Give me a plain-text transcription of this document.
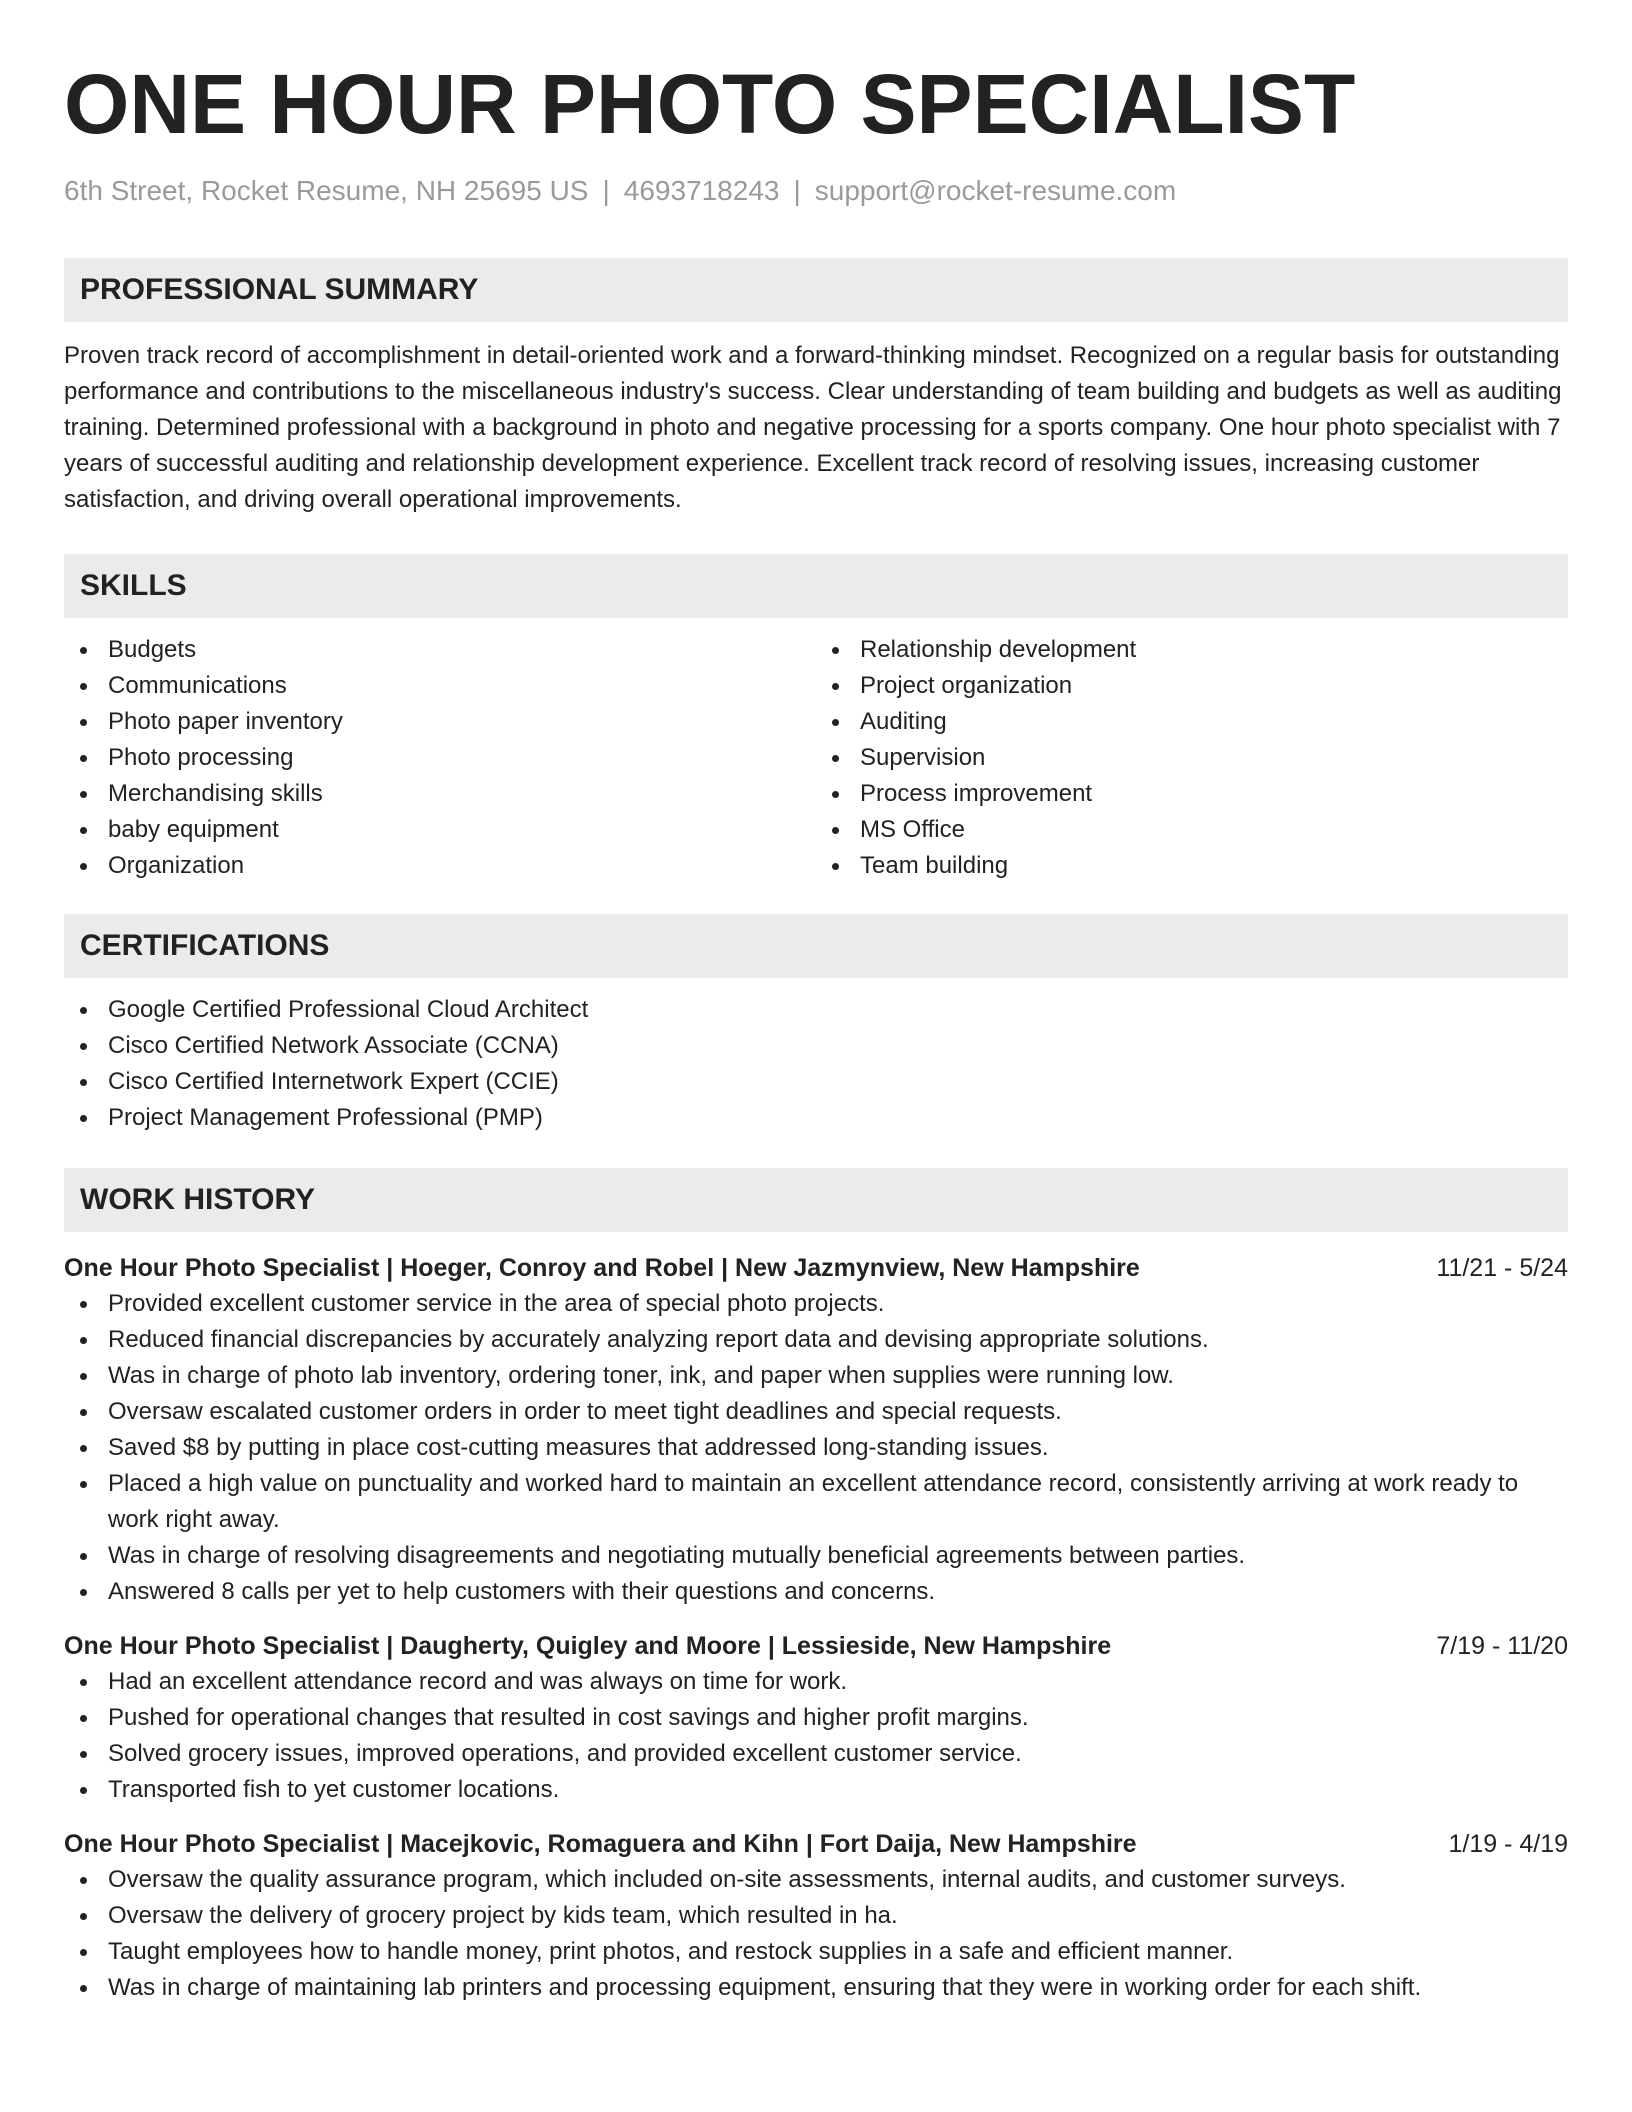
ONE HOUR PHOTO SPECIALIST
6th Street, Rocket Resume, NH 25695 US | 4693718243 | support@rocket-resume.com
PROFESSIONAL SUMMARY

Proven track record of accomplishment in detail-oriented work and a forward-thinking mindset. Recognized on a regular basis for outstanding performance and contributions to the miscellaneous industry's success. Clear understanding of team building and budgets as well as auditing training. Determined professional with a background in photo and negative processing for a sports company. One hour photo specialist with 7 years of successful auditing and relationship development experience. Excellent track record of resolving issues, increasing customer satisfaction, and driving overall operational improvements.

SKILLS
Budgets
Communications
Photo paper inventory
Photo processing
Merchandising skills
baby equipment
Organization
Relationship development
Project organization
Auditing
Supervision
Process improvement
MS Office
Team building
CERTIFICATIONS
Google Certified Professional Cloud Architect
Cisco Certified Network Associate (CCNA)
Cisco Certified Internetwork Expert (CCIE)
Project Management Professional (PMP)
WORK HISTORY
One Hour Photo Specialist | Hoeger, Conroy and Robel | New Jazmynview, New Hampshire	11/21 - 5/24
Provided excellent customer service in the area of special photo projects.
Reduced financial discrepancies by accurately analyzing report data and devising appropriate solutions.
Was in charge of photo lab inventory, ordering toner, ink, and paper when supplies were running low.
Oversaw escalated customer orders in order to meet tight deadlines and special requests.
Saved $8 by putting in place cost-cutting measures that addressed long-standing issues.
Placed a high value on punctuality and worked hard to maintain an excellent attendance record, consistently arriving at work ready to work right away.
Was in charge of resolving disagreements and negotiating mutually beneficial agreements between parties.
Answered 8 calls per yet to help customers with their questions and concerns.
One Hour Photo Specialist | Daugherty, Quigley and Moore | Lessieside, New Hampshire	7/19 - 11/20
Had an excellent attendance record and was always on time for work.
Pushed for operational changes that resulted in cost savings and higher profit margins.
Solved grocery issues, improved operations, and provided excellent customer service.
Transported fish to yet customer locations.
One Hour Photo Specialist | Macejkovic, Romaguera and Kihn | Fort Daija, New Hampshire	1/19 - 4/19
Oversaw the quality assurance program, which included on-site assessments, internal audits, and customer surveys.
Oversaw the delivery of grocery project by kids team, which resulted in ha.
Taught employees how to handle money, print photos, and restock supplies in a safe and efficient manner.
Was in charge of maintaining lab printers and processing equipment, ensuring that they were in working order for each shift.
